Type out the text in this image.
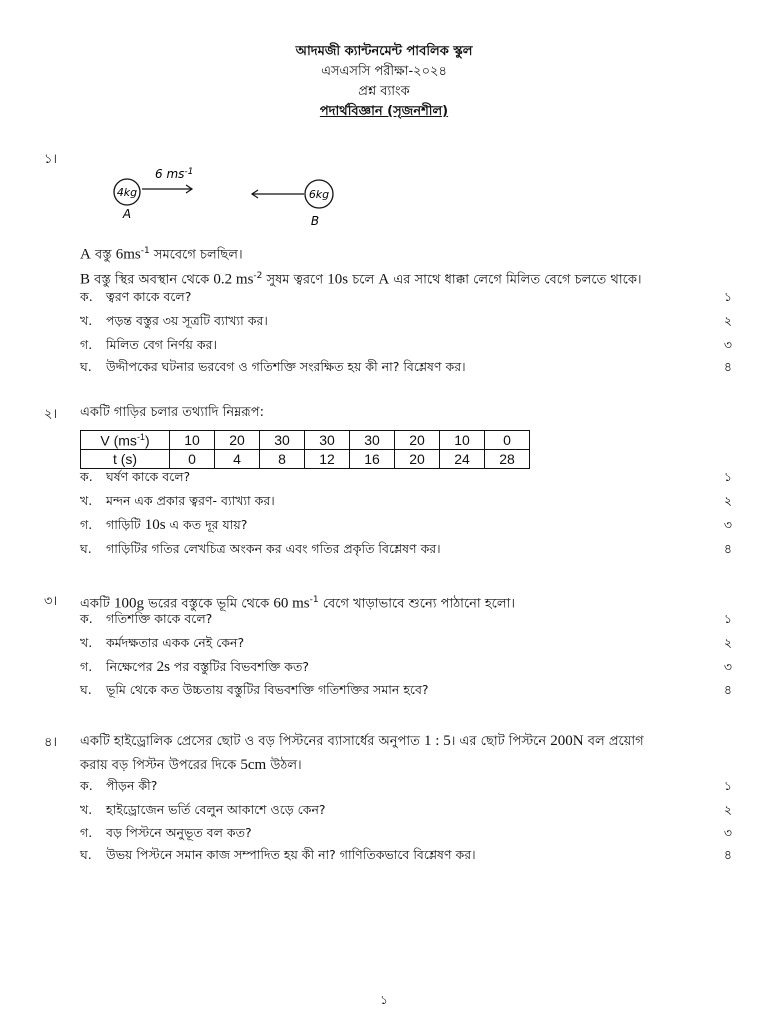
আদমজী ক্যান্টনমেন্ট পাবলিক স্কুল
এসএসসি পরীক্ষা-২০২৪
প্রশ্ন ব্যাংক
পদার্থবিজ্ঞান (সৃজনশীল)
১।
4kg
A
6 $ms^{-1}$
6kg
B
A বস্তু $6ms^{-1}$ সমবেগে চলছিল।
B বস্তু স্থির অবস্থান থেকে 0.2 $ms^{-2}$ সুষম ত্বরণে 10s চলে A এর সাথে ধাক্কা লেগে মিলিত বেগে চলতে থাকে।
ক.	ত্বরণ কাকে বলে?	১
খ.	পড়ন্ত বস্তুর ৩য় সূত্রটি ব্যাখ্যা কর।	২
গ.	মিলিত বেগ নির্ণয় কর।	৩
ঘ.	উদ্দীপকের ঘটনার ভরবেগ ও গতিশক্তি সংরক্ষিত হয় কী না? বিশ্লেষণ কর।	৪
২। একটি গাড়ির চলার তথ্যাদি নিম্নরূপ:
V $(ms^{-1})$	10	20	30	30	30	20	10	0
t (s)	0	4	8	12	16	20	24	28
ক.	ঘর্ষণ কাকে বলে?	১
খ.	মন্দন এক প্রকার ত্বরণ- ব্যাখ্যা কর।	২
গ.	গাড়িটি 10s এ কত দূর যায়?	৩
ঘ.	গাড়িটির গতির লেখচিত্র অংকন কর এবং গতির প্রকৃতি বিশ্লেষণ কর।	৪
৩। একটি 100g ভরের বস্তুকে ভূমি থেকে 60 $ms^{-1}$ বেগে খাড়াভাবে শুন্যে পাঠানো হলো।
ক.	গতিশক্তি কাকে বলে?	১
খ.	কর্মদক্ষতার একক নেই কেন?	২
গ.	নিক্ষেপের 2s পর বস্তুটির বিভবশক্তি কত?	৩
ঘ.	ভূমি থেকে কত উচ্চতায় বস্তুটির বিভবশক্তি গতিশক্তির সমান হবে?	৪
৪। একটি হাইড্রোলিক প্রেসের ছোট ও বড় পিস্টনের ব্যাসার্ধের অনুপাত 1 : 5। এর ছোট পিস্টনে 200N বল প্রয়োগ
করায় বড় পিস্টন উপরের দিকে 5cm উঠল।
ক.	পীড়ন কী?	১
খ.	হাইড্রোজেন ভর্তি বেলুন আকাশে ওড়ে কেন?	২
গ.	বড় পিস্টনে অনুভূত বল কত?	৩
ঘ.	উভয় পিস্টনে সমান কাজ সম্পাদিত হয় কী না? গাণিতিকভাবে বিশ্লেষণ কর।	৪
১
